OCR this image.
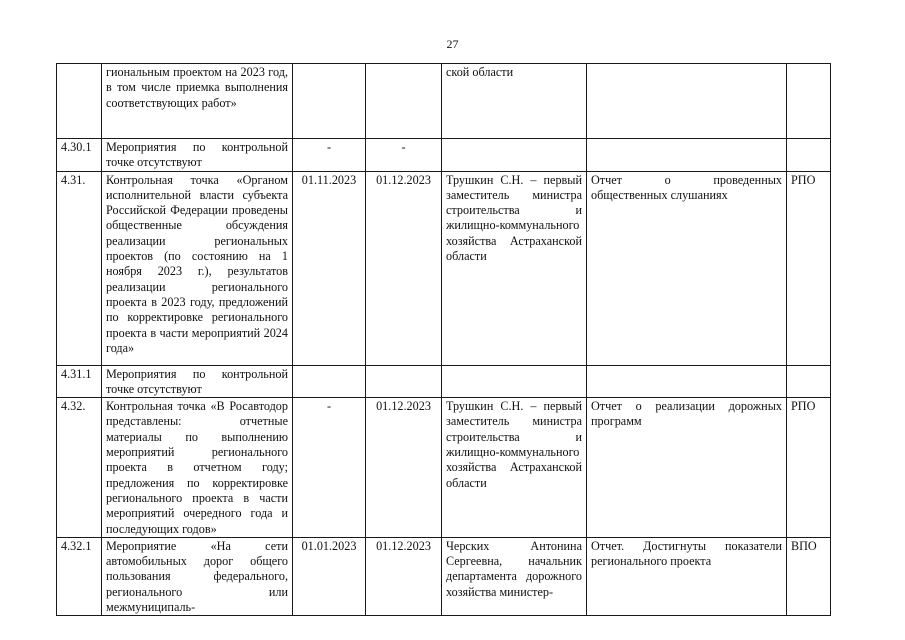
27
	гиональным проектом на 2023 год, в том числе приемка выполнения соответствующих работ»			ской области		
4.30.1	Мероприятия по контрольной точке отсутствуют	-	-			
4.31.	Контрольная точка «Органом исполнительной власти субъекта Российской Федерации проведены общественные обсуждения реализации региональных проектов (по состоянию на 1 ноября 2023 г.), результатов реализации регионального проекта в 2023 году, предложений по корректировке регионального проекта в части мероприятий 2024 года»	01.11.2023	01.12.2023	Трушкин С.Н. – первый заместитель министра строительства и жилищно-коммунального хозяйства Астраханской области	Отчет о проведенных общественных слушаниях	РПО
4.31.1	Мероприятия по контрольной точке отсутствуют					
4.32.	Контрольная точка «В Росавтодор представлены: отчетные материалы по выполнению мероприятий регионального проекта в отчетном году; предложения по корректировке регионального проекта в части мероприятий очередного года и последующих годов»	-	01.12.2023	Трушкин С.Н. – первый заместитель министра строительства и жилищно-коммунального хозяйства Астраханской области	Отчет о реализации дорожных программ	РПО
4.32.1	Мероприятие «На сети автомобильных дорог общего пользования федерального, регионального или межмуниципаль-	01.01.2023	01.12.2023	Черских Антонина Сергеевна, начальник департамента дорожного хозяйства министер-	Отчет. Достигнуты показатели регионального проекта	ВПО
